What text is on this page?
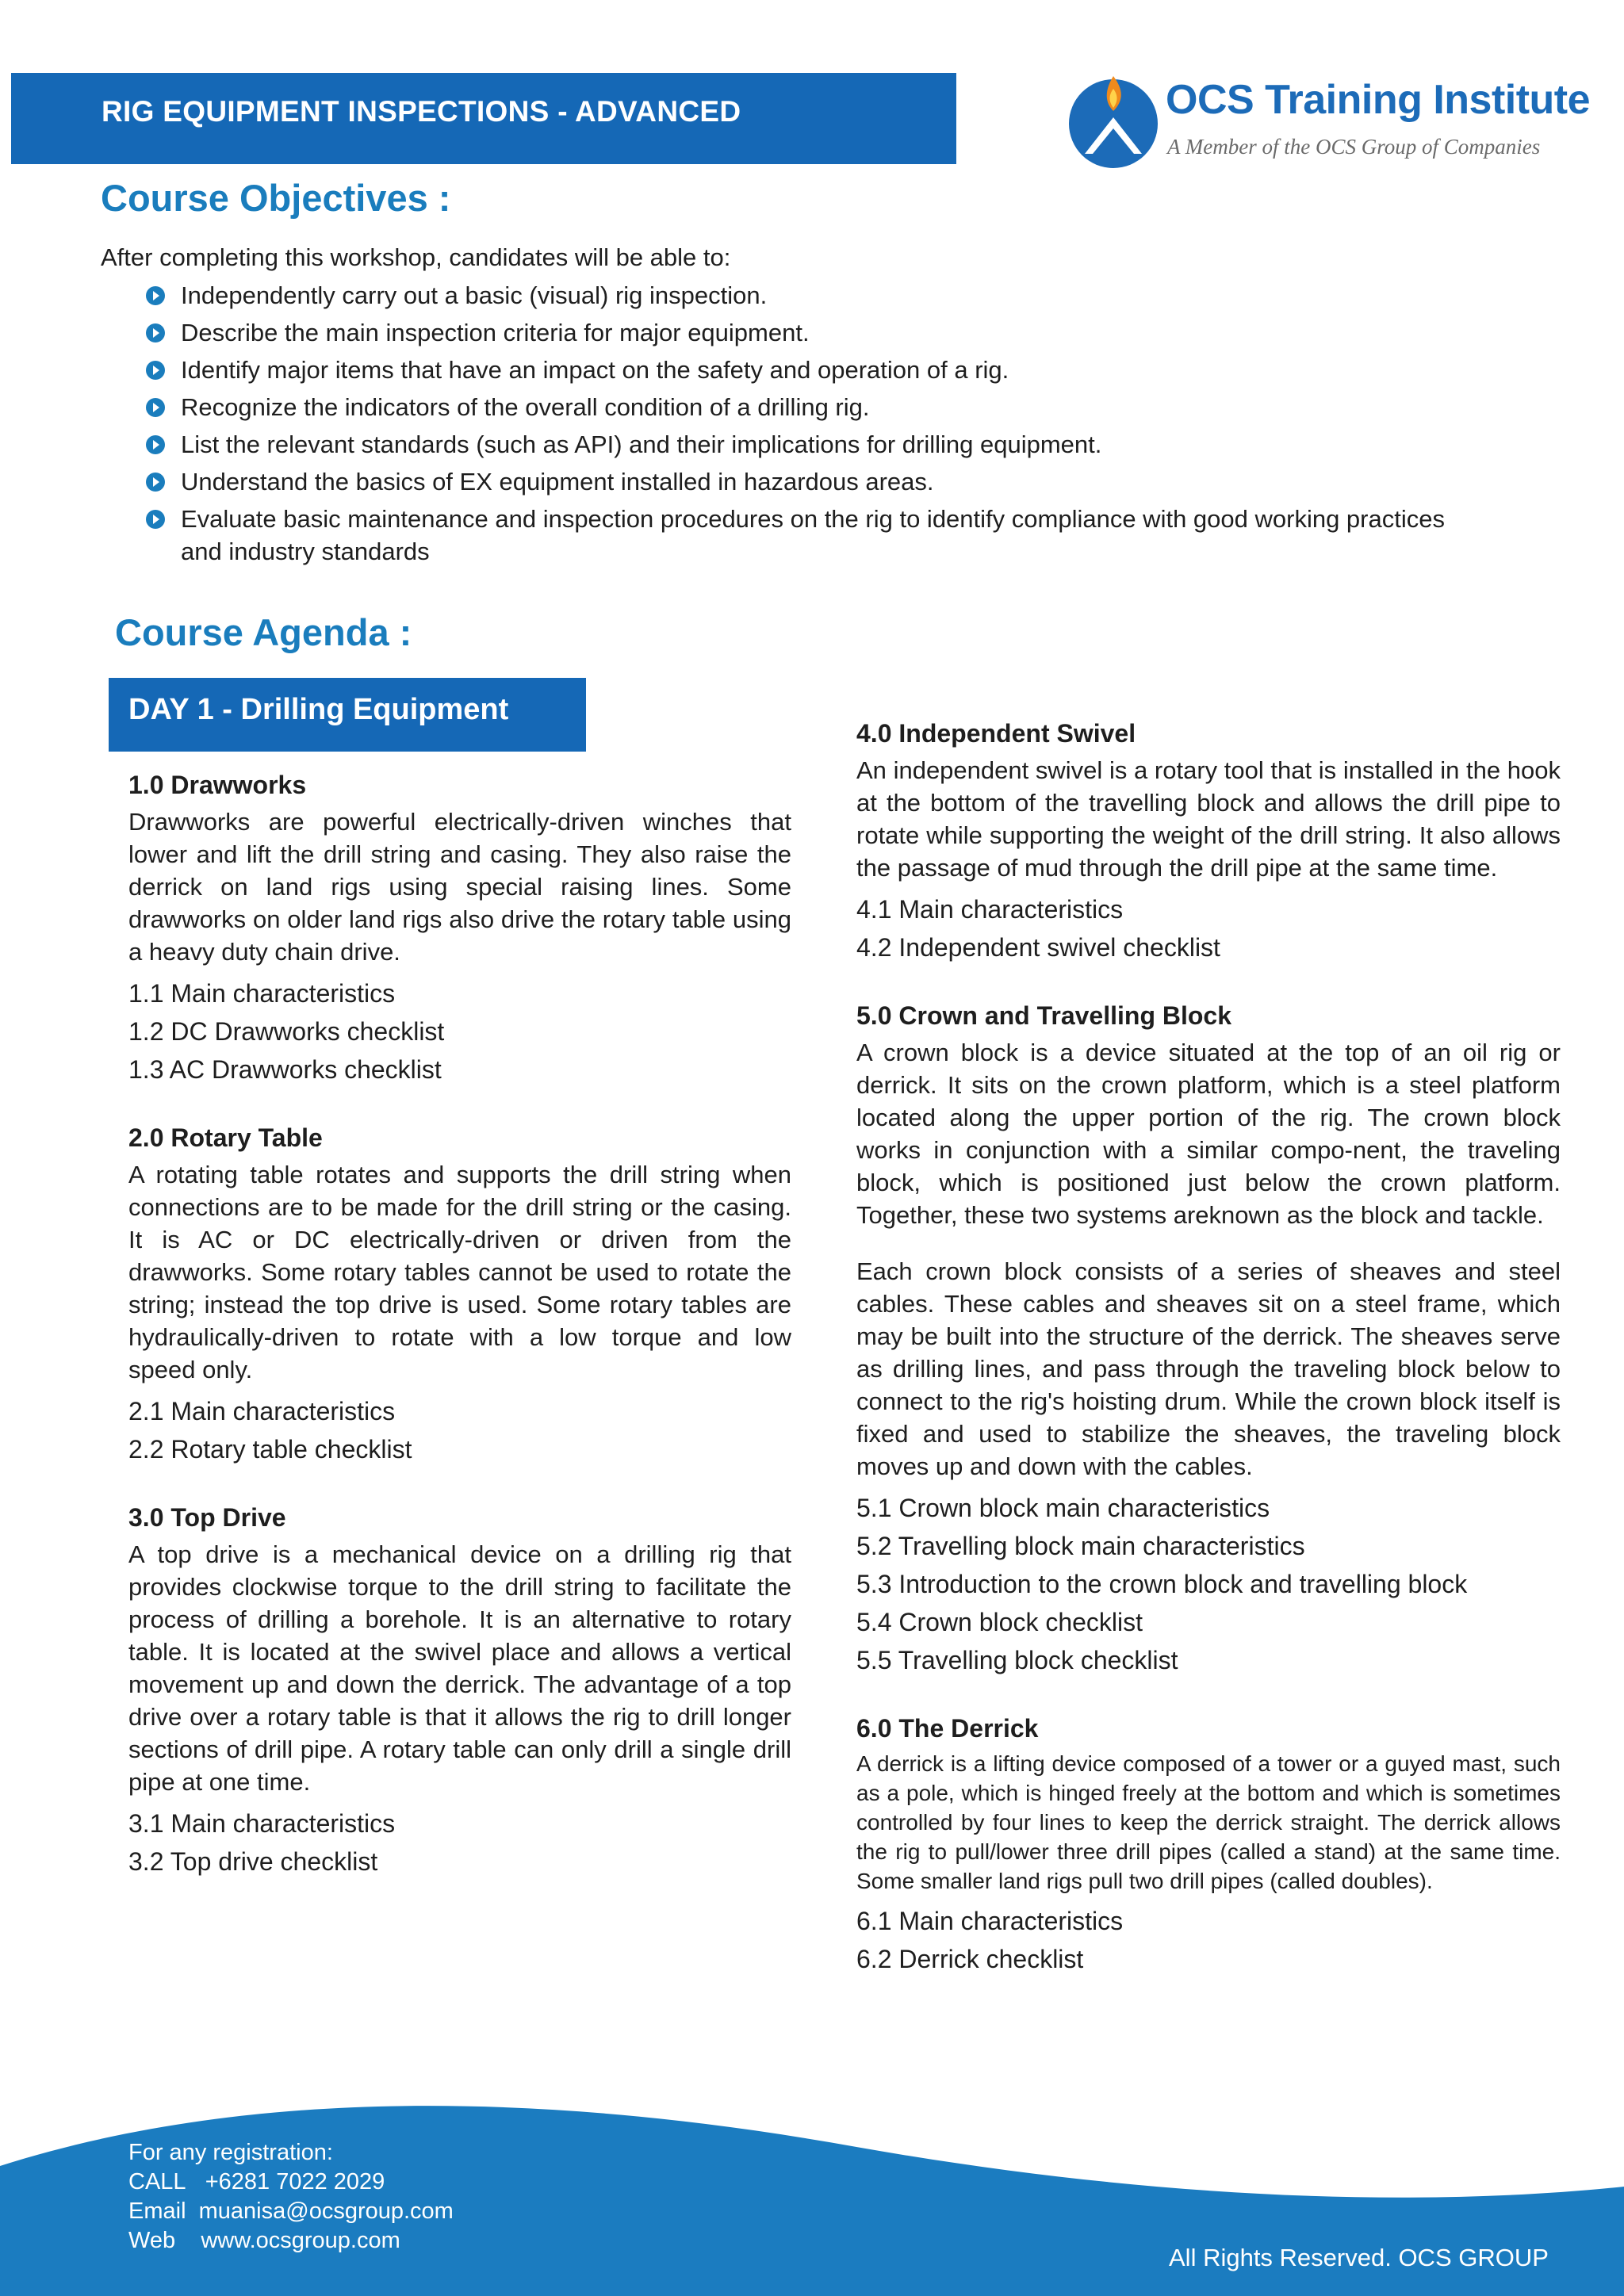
RIG EQUIPMENT INSPECTIONS - ADVANCED	OCS Training Institute
A Member of the OCS Group of Companies
Course Objectives :
After completing this workshop, candidates will be able to:
Independently carry out a basic (visual) rig inspection.
Describe the main inspection criteria for major equipment.
Identify major items that have an impact on the safety and operation of a rig.
Recognize the indicators of the overall condition of a drilling rig.
List the relevant standards (such as API) and their implications for drilling equipment.
Understand the basics of EX equipment installed in hazardous areas.
Evaluate basic maintenance and inspection procedures on the rig to identify compliance with good working practices and industry standards
Course Agenda :
DAY 1 - Drilling Equipment
1.0 Drawworks

Drawworks are powerful electrically-driven winches that lower and lift the drill string and casing. They also raise the derrick on land rigs using special raising lines. Some drawworks on older land rigs also drive the rotary table using a heavy duty chain drive.

1.1 Main characteristics
1.2 DC Drawworks checklist
1.3 AC Drawworks checklist
2.0 Rotary Table

A rotating table rotates and supports the drill string when connections are to be made for the drill string or the casing. It is AC or DC electrically-driven or driven from the drawworks. Some rotary tables cannot be used to rotate the string; instead the top drive is used. Some rotary tables are hydraulically-driven to rotate with a low torque and low speed only.

2.1 Main characteristics
2.2 Rotary table checklist
3.0 Top Drive

A top drive is a mechanical device on a drilling rig that provides clockwise torque to the drill string to facilitate the process of drilling a borehole. It is an alternative to rotary table. It is located at the swivel place and allows a vertical movement up and down the derrick. The advantage of a top drive over a rotary table is that it allows the rig to drill longer sections of drill pipe. A rotary table can only drill a single drill pipe at one time.

3.1 Main characteristics
3.2 Top drive checklist
4.0 Independent Swivel

An independent swivel is a rotary tool that is installed in the hook at the bottom of the travelling block and allows the drill pipe to rotate while supporting the weight of the drill string. It also allows the passage of mud through the drill pipe at the same time.

4.1 Main characteristics
4.2 Independent swivel checklist
5.0 Crown and Travelling Block

A crown block is a device situated at the top of an oil rig or derrick. It sits on the crown platform, which is a steel platform located along the upper portion of the rig. The crown block works in conjunction with a similar compo-nent, the traveling block, which is positioned just below the crown platform. Together, these two systems areknown as the block and tackle.

Each crown block consists of a series of sheaves and steel cables. These cables and sheaves sit on a steel frame, which may be built into the structure of the derrick. The sheaves serve as drilling lines, and pass through the traveling block below to connect to the rig's hoisting drum. While the crown block itself is fixed and used to stabilize the sheaves, the traveling block moves up and down with the cables.

5.1 Crown block main characteristics
5.2 Travelling block main characteristics
5.3 Introduction to the crown block and travelling block
5.4 Crown block checklist
5.5 Travelling block checklist
6.0 The Derrick

A derrick is a lifting device composed of a tower or a guyed mast, such as a pole, which is hinged freely at the bottom and which is sometimes controlled by four lines to keep the derrick straight. The derrick allows the rig to pull/lower three drill pipes (called a stand) at the same time. Some smaller land rigs pull two drill pipes (called doubles).

6.1 Main characteristics
6.2 Derrick checklist
For any registration:
CALL +6281 7022 2029
Email muanisa@ocsgroup.com
Web www.ocsgroup.com
All Rights Reserved. OCS GROUP
